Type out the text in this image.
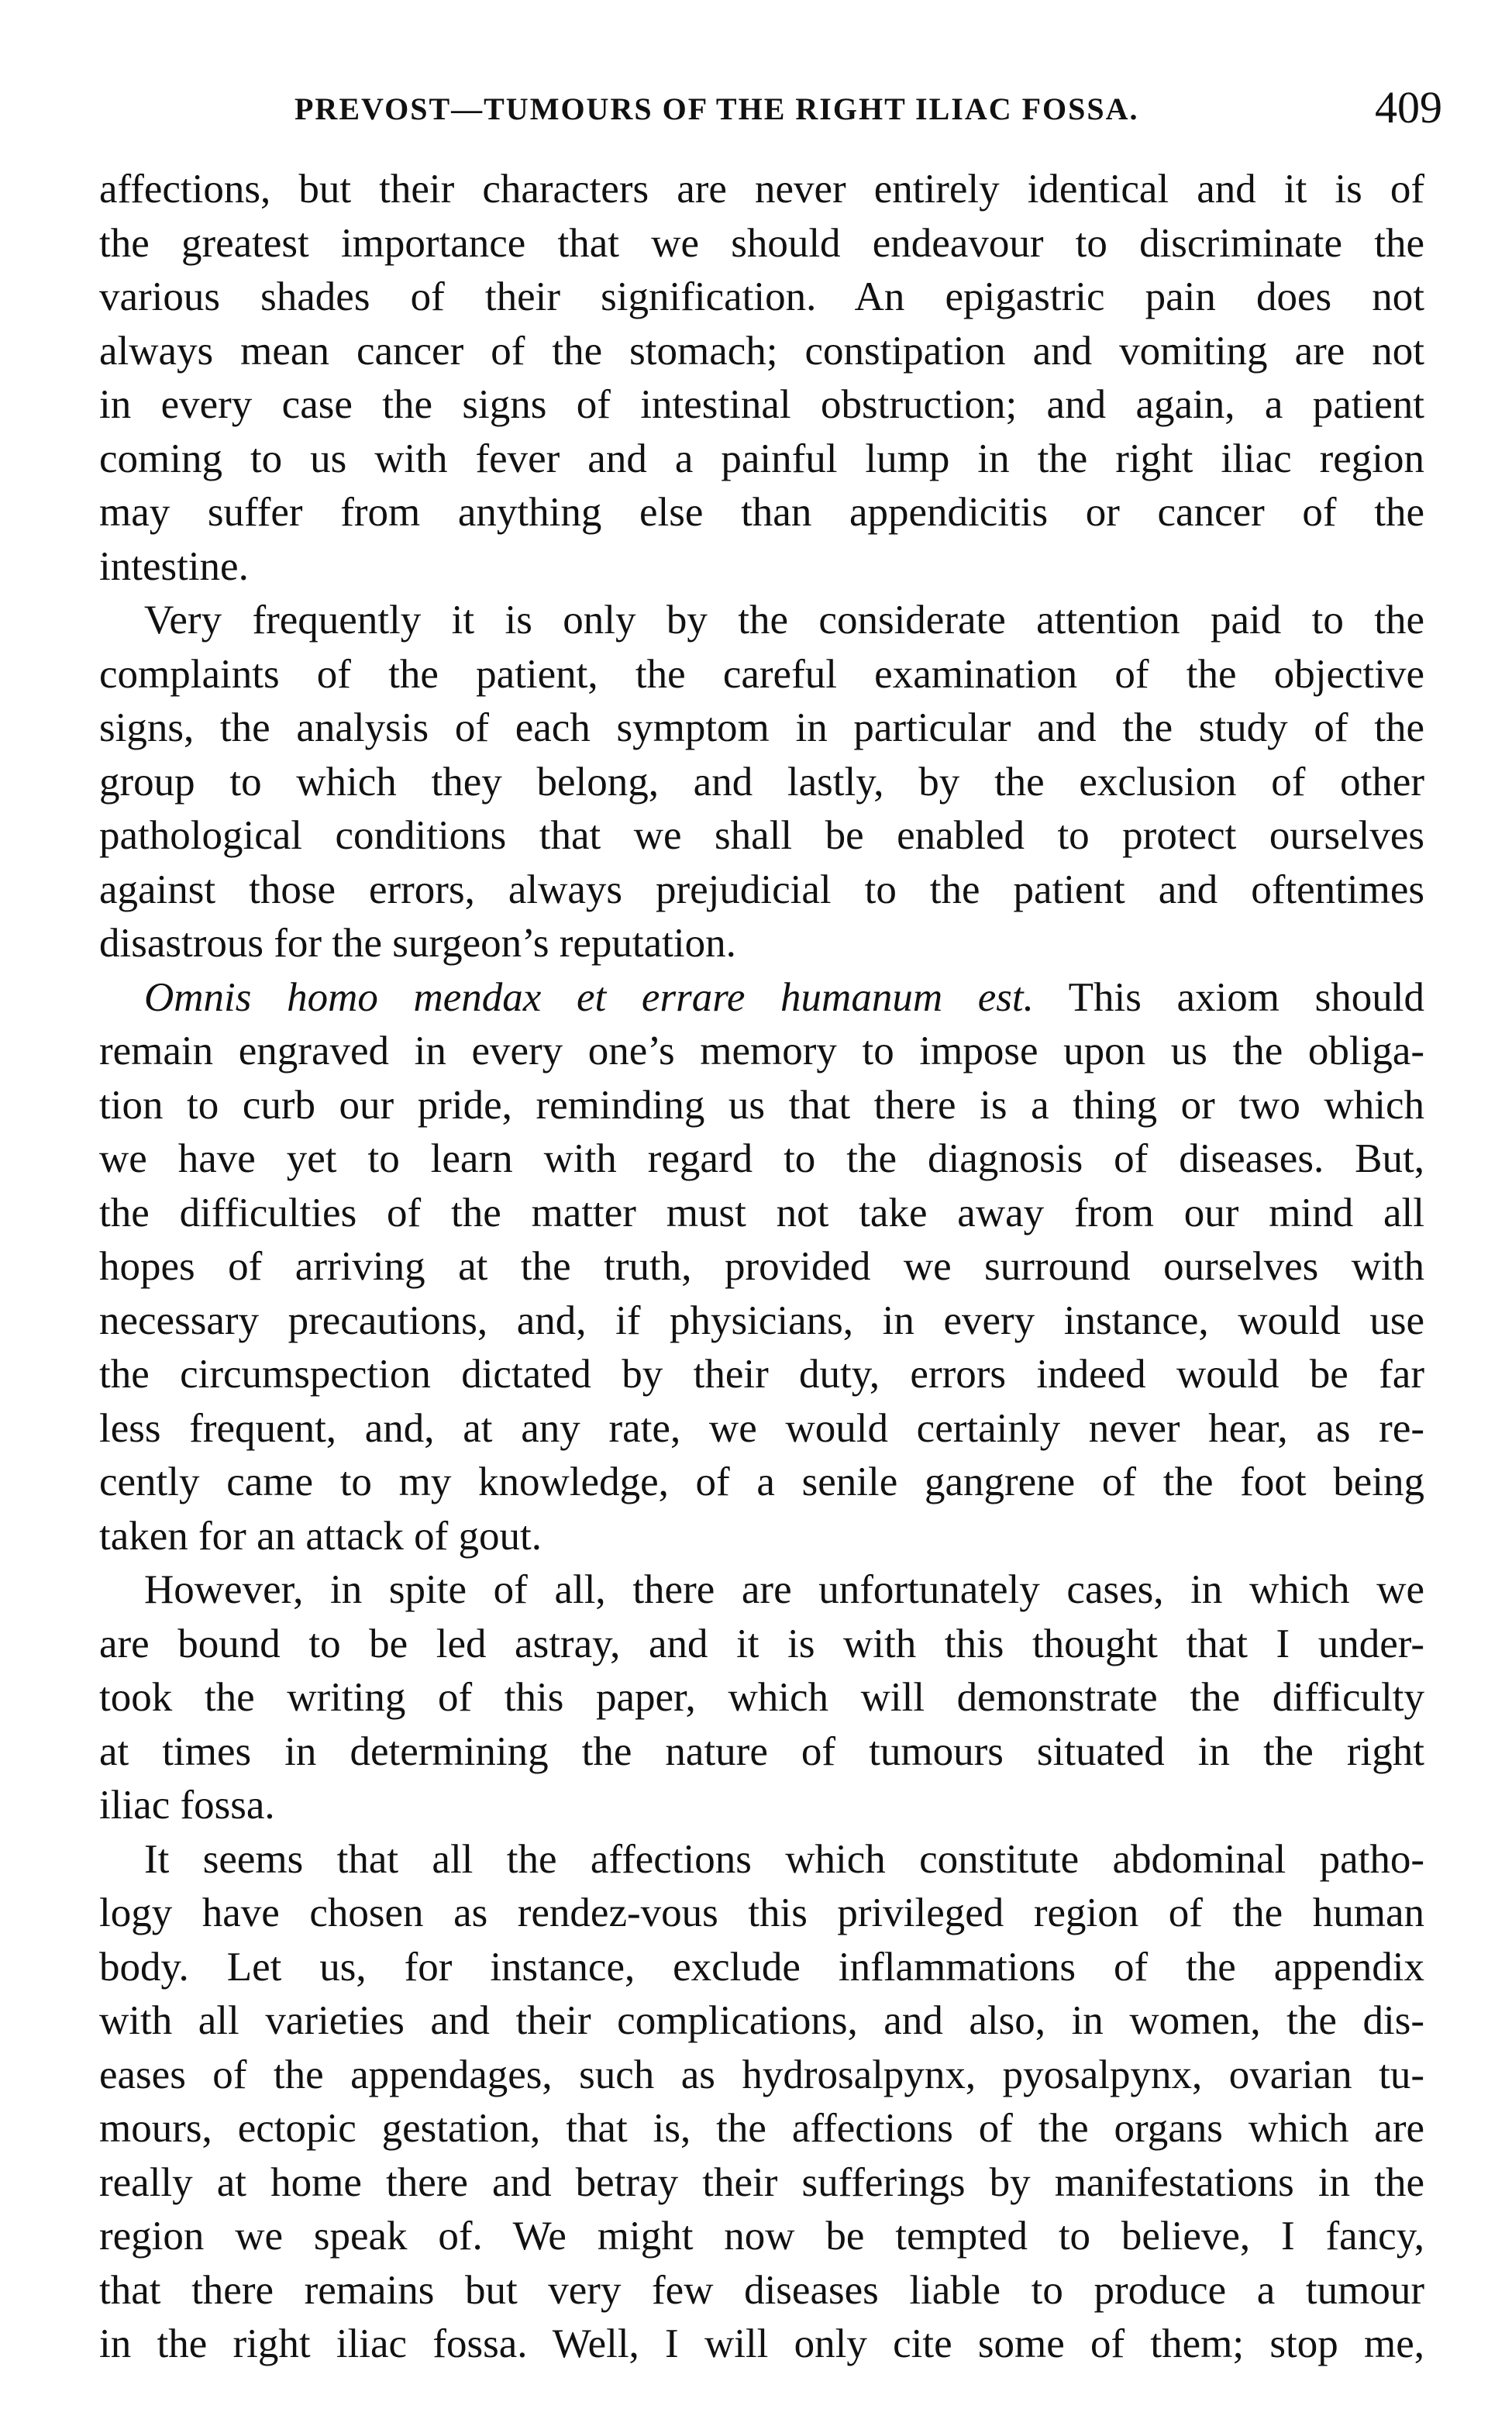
PREVOST—TUMOURS OF THE RIGHT ILIAC FOSSA.	409
affections, but their characters are never entirely identical and it is of
the greatest importance that we should endeavour to discriminate the
various shades of their signification. An epigastric pain does not
always mean cancer of the stomach; constipation and vomiting are not
in every case the signs of intestinal obstruction; and again, a patient
coming to us with fever and a painful lump in the right iliac region
may suffer from anything else than appendicitis or cancer of the
intestine.
Very frequently it is only by the considerate attention paid to the
complaints of the patient, the careful examination of the objective
signs, the analysis of each symptom in particular and the study of the
group to which they belong, and lastly, by the exclusion of other
pathological conditions that we shall be enabled to protect ourselves
against those errors, always prejudicial to the patient and oftentimes
disastrous for the surgeon’s reputation.
Omnis homo mendax et errare humanum est. This axiom should
remain engraved in every one’s memory to impose upon us the obliga-
tion to curb our pride, reminding us that there is a thing or two which
we have yet to learn with regard to the diagnosis of diseases. But,
the difficulties of the matter must not take away from our mind all
hopes of arriving at the truth, provided we surround ourselves with
necessary precautions, and, if physicians, in every instance, would use
the circumspection dictated by their duty, errors indeed would be far
less frequent, and, at any rate, we would certainly never hear, as re-
cently came to my knowledge, of a senile gangrene of the foot being
taken for an attack of gout.
However, in spite of all, there are unfortunately cases, in which we
are bound to be led astray, and it is with this thought that I under-
took the writing of this paper, which will demonstrate the difficulty
at times in determining the nature of tumours situated in the right
iliac fossa.
It seems that all the affections which constitute abdominal patho-
logy have chosen as rendez-vous this privileged region of the human
body. Let us, for instance, exclude inflammations of the appendix
with all varieties and their complications, and also, in women, the dis-
eases of the appendages, such as hydrosalpynx, pyosalpynx, ovarian tu-
mours, ectopic gestation, that is, the affections of the organs which are
really at home there and betray their sufferings by manifestations in the
region we speak of. We might now be tempted to believe, I fancy,
that there remains but very few diseases liable to produce a tumour
in the right iliac fossa. Well, I will only cite some of them; stop me,
